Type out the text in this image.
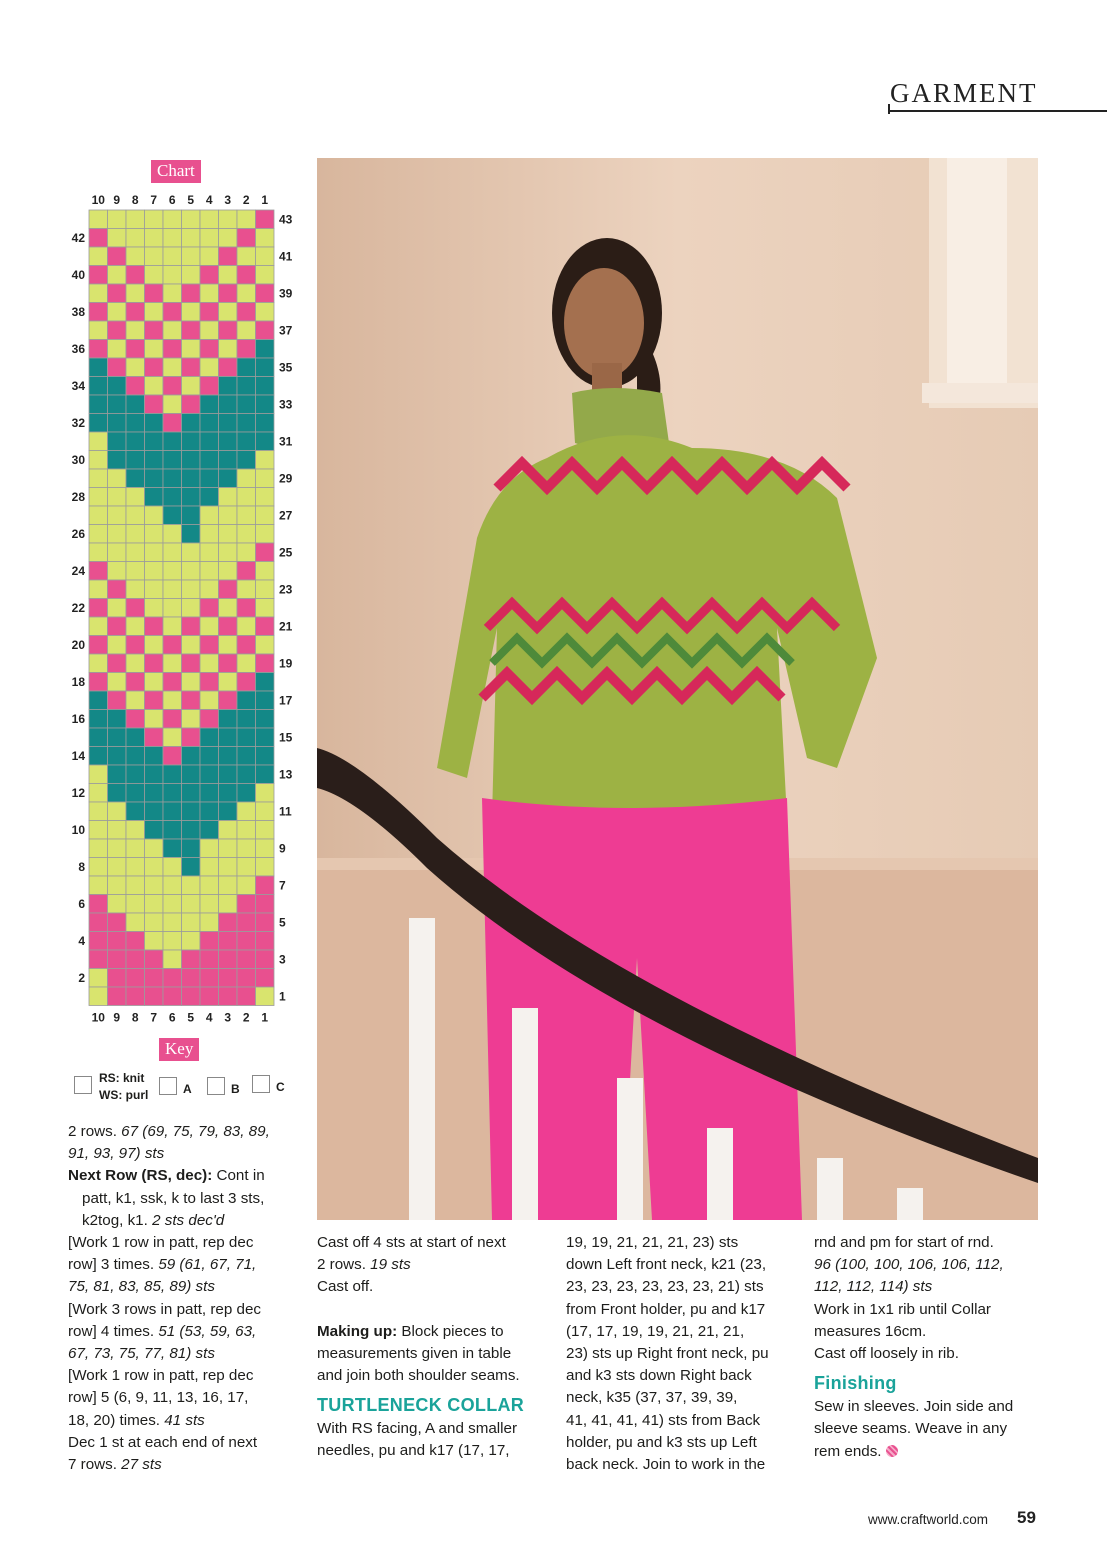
GARMENT
Chart
10
10
9
9
8
8
7
7
6
6
5
5
4
4
3
3
2
2
1
1
1
2
3
4
5
6
7
8
9
10
11
12
13
14
15
16
17
18
19
20
21
22
23
24
25
26
27
28
29
30
31
32
33
34
35
36
37
38
39
40
41
42
43
Key
RS: knit
WS: purl	A	B	C

2 rows. 67 (69, 75, 79, 83, 89,

91, 93, 97) sts

Next Row (RS, dec): Cont in

patt, k1, ssk, k to last 3 sts,

k2tog, k1. 2 sts dec'd

[Work 1 row in patt, rep dec

row] 3 times. 59 (61, 67, 71,

75, 81, 83, 85, 89) sts

[Work 3 rows in patt, rep dec

row] 4 times. 51 (53, 59, 63,

67, 73, 75, 77, 81) sts

[Work 1 row in patt, rep dec

row] 5 (6, 9, 11, 13, 16, 17,

18, 20) times. 41 sts

Dec 1 st at each end of next

7 rows. 27 sts

Cast off 4 sts at start of next

2 rows. 19 sts

Cast off.

Making up: Block pieces to

measurements given in table

and join both shoulder seams.

TURTLENECK COLLAR

With RS facing, A and smaller

needles, pu and k17 (17, 17,

19, 19, 21, 21, 21, 23) sts

down Left front neck, k21 (23,

23, 23, 23, 23, 23, 23, 21) sts

from Front holder, pu and k17

(17, 17, 19, 19, 21, 21, 21,

23) sts up Right front neck, pu

and k3 sts down Right back

neck, k35 (37, 37, 39, 39,

41, 41, 41, 41) sts from Back

holder, pu and k3 sts up Left

back neck. Join to work in the

rnd and pm for start of rnd.

96 (100, 100, 106, 106, 112,

112, 112, 114) sts

Work in 1x1 rib until Collar

measures 16cm.

Cast off loosely in rib.

Finishing

Sew in sleeves. Join side and

sleeve seams. Weave in any

rem ends.

www.craftworld.com 59
